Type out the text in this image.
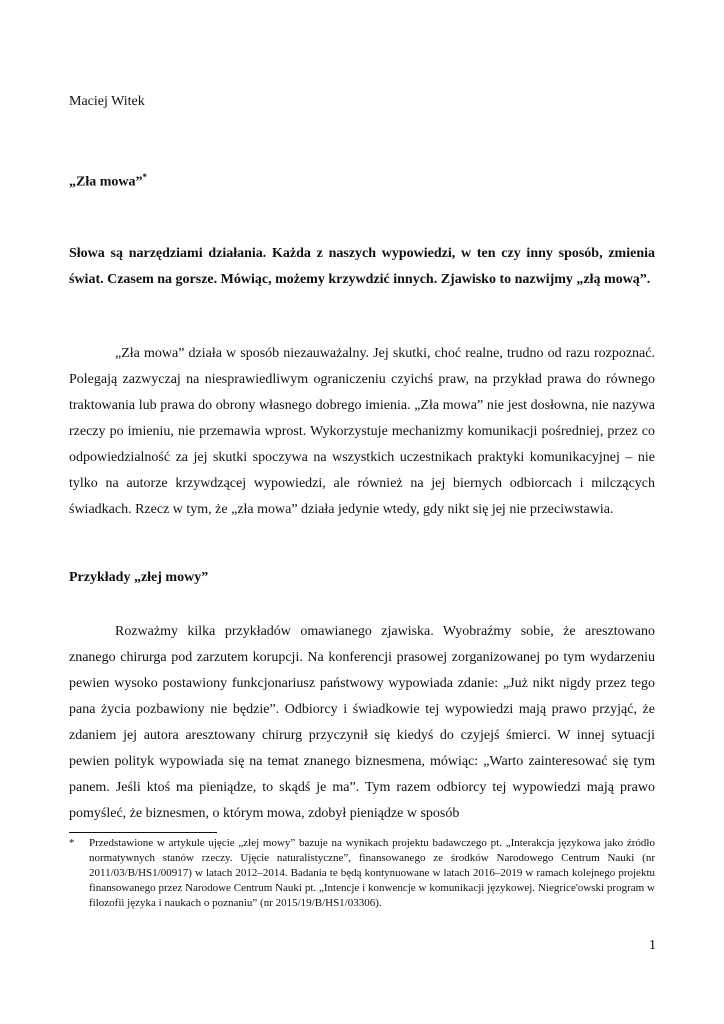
Maciej Witek
„Zła mowa”*

Słowa są narzędziami działania. Każda z naszych wypowiedzi, w ten czy inny sposób, zmienia świat. Czasem na gorsze. Mówiąc, możemy krzywdzić innych. Zjawisko to nazwijmy „złą mową”.

„Zła mowa” działa w sposób niezauważalny. Jej skutki, choć realne, trudno od razu rozpoznać. Polegają zazwyczaj na niesprawiedliwym ograniczeniu czyichś praw, na przykład prawa do równego traktowania lub prawa do obrony własnego dobrego imienia. „Zła mowa” nie jest dosłowna, nie nazywa rzeczy po imieniu, nie przemawia wprost. Wykorzystuje mechanizmy komunikacji pośredniej, przez co odpowiedzialność za jej skutki spoczywa na wszystkich uczestnikach praktyki komunikacyjnej – nie tylko na autorze krzywdzącej wypowiedzi, ale również na jej biernych odbiorcach i milczących świadkach. Rzecz w tym, że „zła mowa” działa jedynie wtedy, gdy nikt się jej nie przeciwstawia.

Przykłady „złej mowy”

Rozważmy kilka przykładów omawianego zjawiska. Wyobraźmy sobie, że aresztowano znanego chirurga pod zarzutem korupcji. Na konferencji prasowej zorganizowanej po tym wydarzeniu pewien wysoko postawiony funkcjonariusz państwowy wypowiada zdanie: „Już nikt nigdy przez tego pana życia pozbawiony nie będzie”. Odbiorcy i świadkowie tej wypowiedzi mają prawo przyjąć, że zdaniem jej autora aresztowany chirurg przyczynił się kiedyś do czyjejś śmierci. W innej sytuacji pewien polityk wypowiada się na temat znanego biznesmena, mówiąc: „Warto zainteresować się tym panem. Jeśli ktoś ma pieniądze, to skądś je ma”. Tym razem odbiorcy tej wypowiedzi mają prawo pomyśleć, że biznesmen, o którym mowa, zdobył pieniądze w sposób

* Przedstawione w artykule ujęcie „złej mowy” bazuje na wynikach projektu badawczego pt. „Interakcja językowa jako źródło normatywnych stanów rzeczy. Ujęcie naturalistyczne”, finansowanego ze środków Narodowego Centrum Nauki (nr 2011/03/B/HS1/00917) w latach 2012–2014. Badania te będą kontynuowane w latach 2016–2019 w ramach kolejnego projektu finansowanego przez Narodowe Centrum Nauki pt. „Intencje i konwencje w komunikacji językowej. Niegrice'owski program w filozofii języka i naukach o poznaniu” (nr 2015/19/B/HS1/03306).
1
